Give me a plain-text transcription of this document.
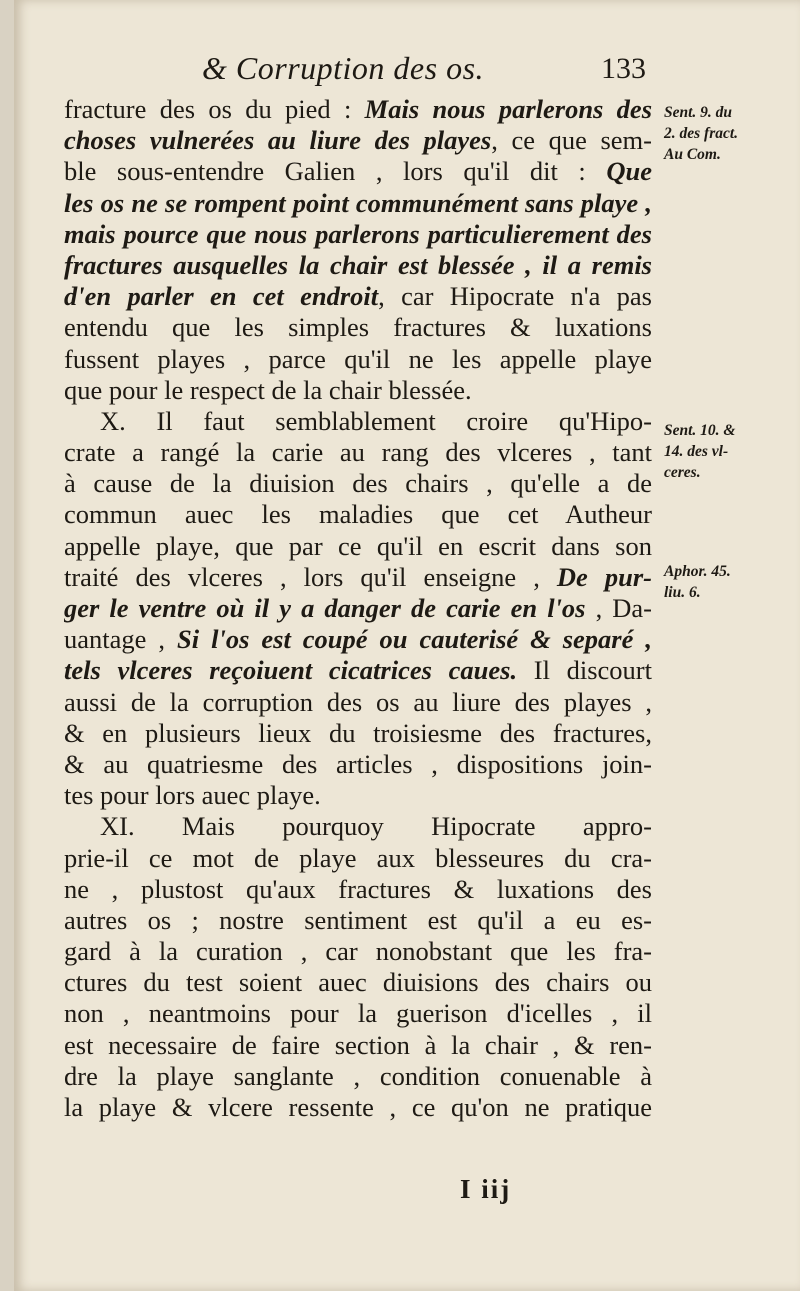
& Corruption des os.	133
fracture des os du pied : Mais nous parlerons des
choses vulnerées au liure des playes, ce que sem-
ble sous-entendre Galien , lors qu'il dit : Que
les os ne se rompent point communément sans playe ,
mais pource que nous parlerons particulierement des
fractures ausquelles la chair est blessée , il a remis
d'en parler en cet endroit, car Hipocrate n'a pas
entendu que les simples fractures & luxations
fussent playes , parce qu'il ne les appelle playe
que pour le respect de la chair blessée.
X. Il faut semblablement croire qu'Hipo-
crate a rangé la carie au rang des vlceres , tant
à cause de la diuision des chairs , qu'elle a de
commun auec les maladies que cet Autheur
appelle playe, que par ce qu'il en escrit dans son
traité des vlceres , lors qu'il enseigne , De pur-
ger le ventre où il y a danger de carie en l'os , Da-
uantage , Si l'os est coupé ou cauterisé & separé ,
tels vlceres reçoiuent cicatrices caues. Il discourt
aussi de la corruption des os au liure des playes ,
& en plusieurs lieux du troisiesme des fractures,
& au quatriesme des articles , dispositions join-
tes pour lors auec playe.
XI. Mais pourquoy Hipocrate appro-
prie-il ce mot de playe aux blesseures du cra-
ne , plustost qu'aux fractures & luxations des
autres os ; nostre sentiment est qu'il a eu es-
gard à la curation , car nonobstant que les fra-
ctures du test soient auec diuisions des chairs ou
non , neantmoins pour la guerison d'icelles , il
est necessaire de faire section à la chair , & ren-
dre la playe sanglante , condition conuenable à
la playe & vlcere ressente , ce qu'on ne pratique
Sent. 9. du
2. des fract.
Au Com.
Sent. 10. &
14. des vl-
ceres.
Aphor. 45.
liu. 6.
I iij
